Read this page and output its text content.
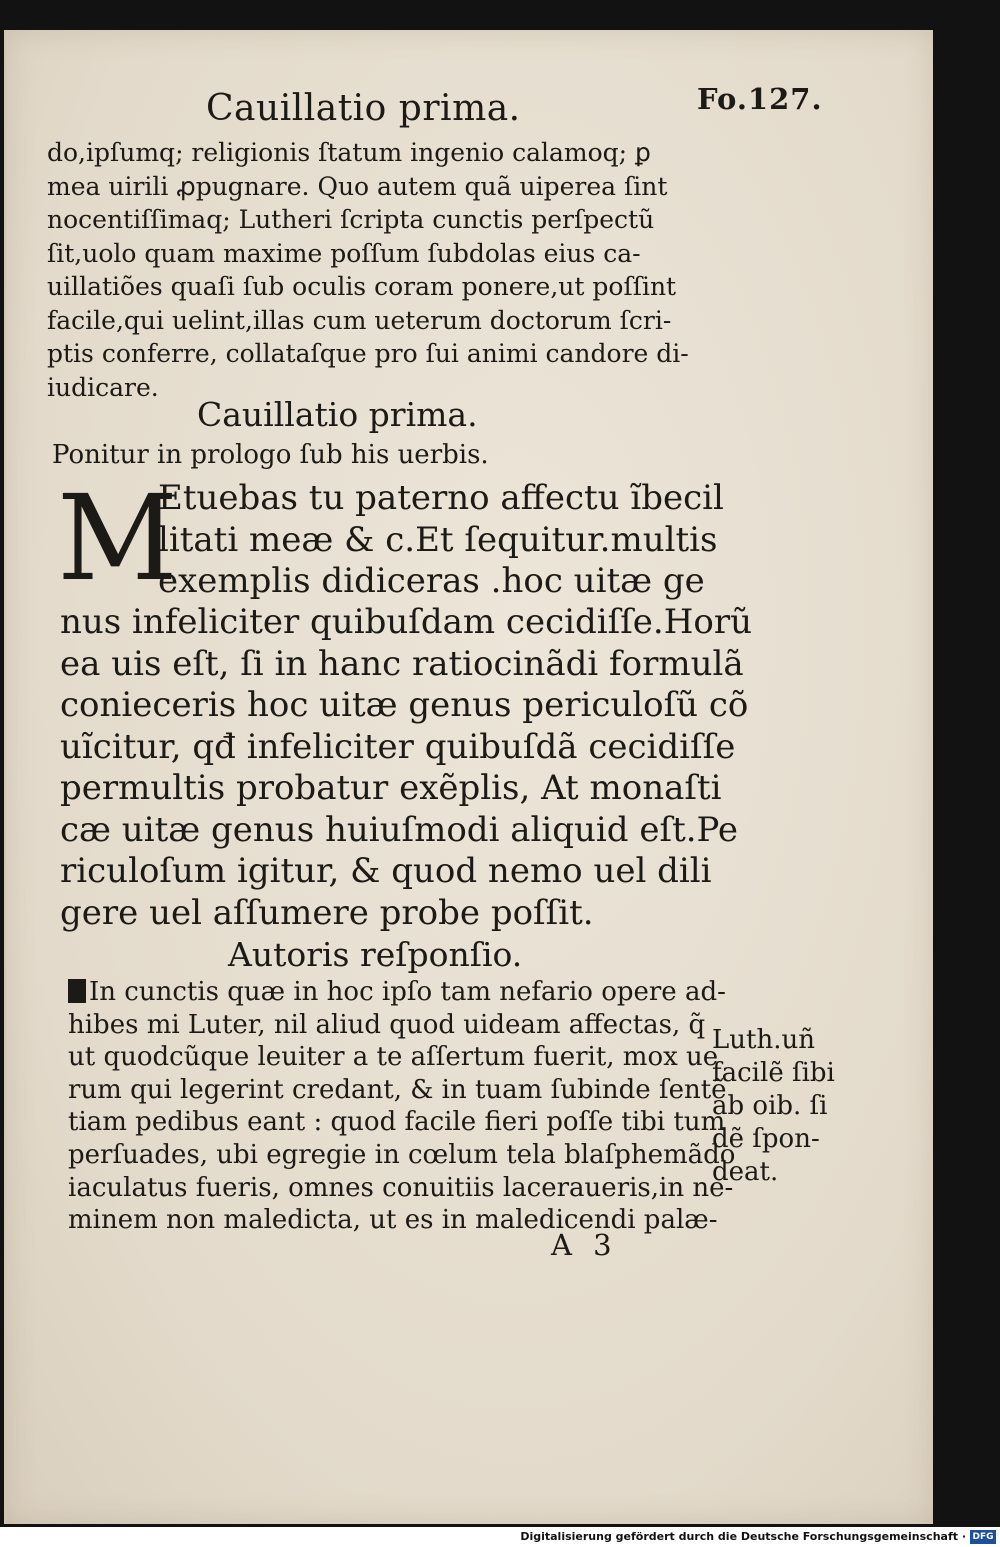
Cauillatio prima.	Fo.127.
do,ipſumq; religionis ſtatum ingenio calamoq; ꝑ
mea uirili ꝓpugnare. Quo autem quã uiperea ſint
nocentiſſimaq; Lutheri ſcripta cunctis perſpectũ
ſit,uolo quam maxime poſſum ſubdolas eius ca-
uillatiões quaſi ſub oculis coram ponere,ut poſſint
facile,qui uelint,illas cum ueterum doctorum ſcri-
ptis conferre, collataſque pro ſui animi candore di-
iudicare.
Cauillatio prima.
Ponitur in prologo ſub his uerbis.
M
Etuebas tu paterno affectu ĩbecil
litati meæ & c.Et ſequitur.multis
exemplis didiceras .hoc uitæ ge
nus infeliciter quibuſdam cecidiſſe.Horũ
ea uis eſt, ſi in hanc ratiocinãdi formulã
conieceris hoc uitæ genus periculoſũ cõ
uĩcitur, qđ infeliciter quibuſdã cecidiſſe
permultis probatur exẽplis, At monaſti
cæ uitæ genus huiuſmodi aliquid eſt.Pe
riculoſum igitur, & quod nemo uel dili
gere uel aſſumere probe poſſit.
Autoris reſponſio.
In cunctis quæ in hoc ipſo tam nefario opere ad-
hibes mi Luter, nil aliud quod uideam affectas, q̃
ut quodcũque leuiter a te aſſertum fuerit, mox ue
rum qui legerint credant, & in tuam ſubinde ſentẽ
tiam pedibus eant : quod facile fieri poſſe tibi tum
perſuades, ubi egregie in cœlum tela blaſphemãdo
iaculatus fueris, omnes conuitiis laceraueris,in ne-
minem non maledicta, ut es in maledicendi palæ-
Luth.uñ
facilẽ ſibi
ab oib. ſi
dẽ ſpon-
deat.
A 3
Digitalisierung gefördert durch die Deutsche Forschungsgemeinschaft · DFG
